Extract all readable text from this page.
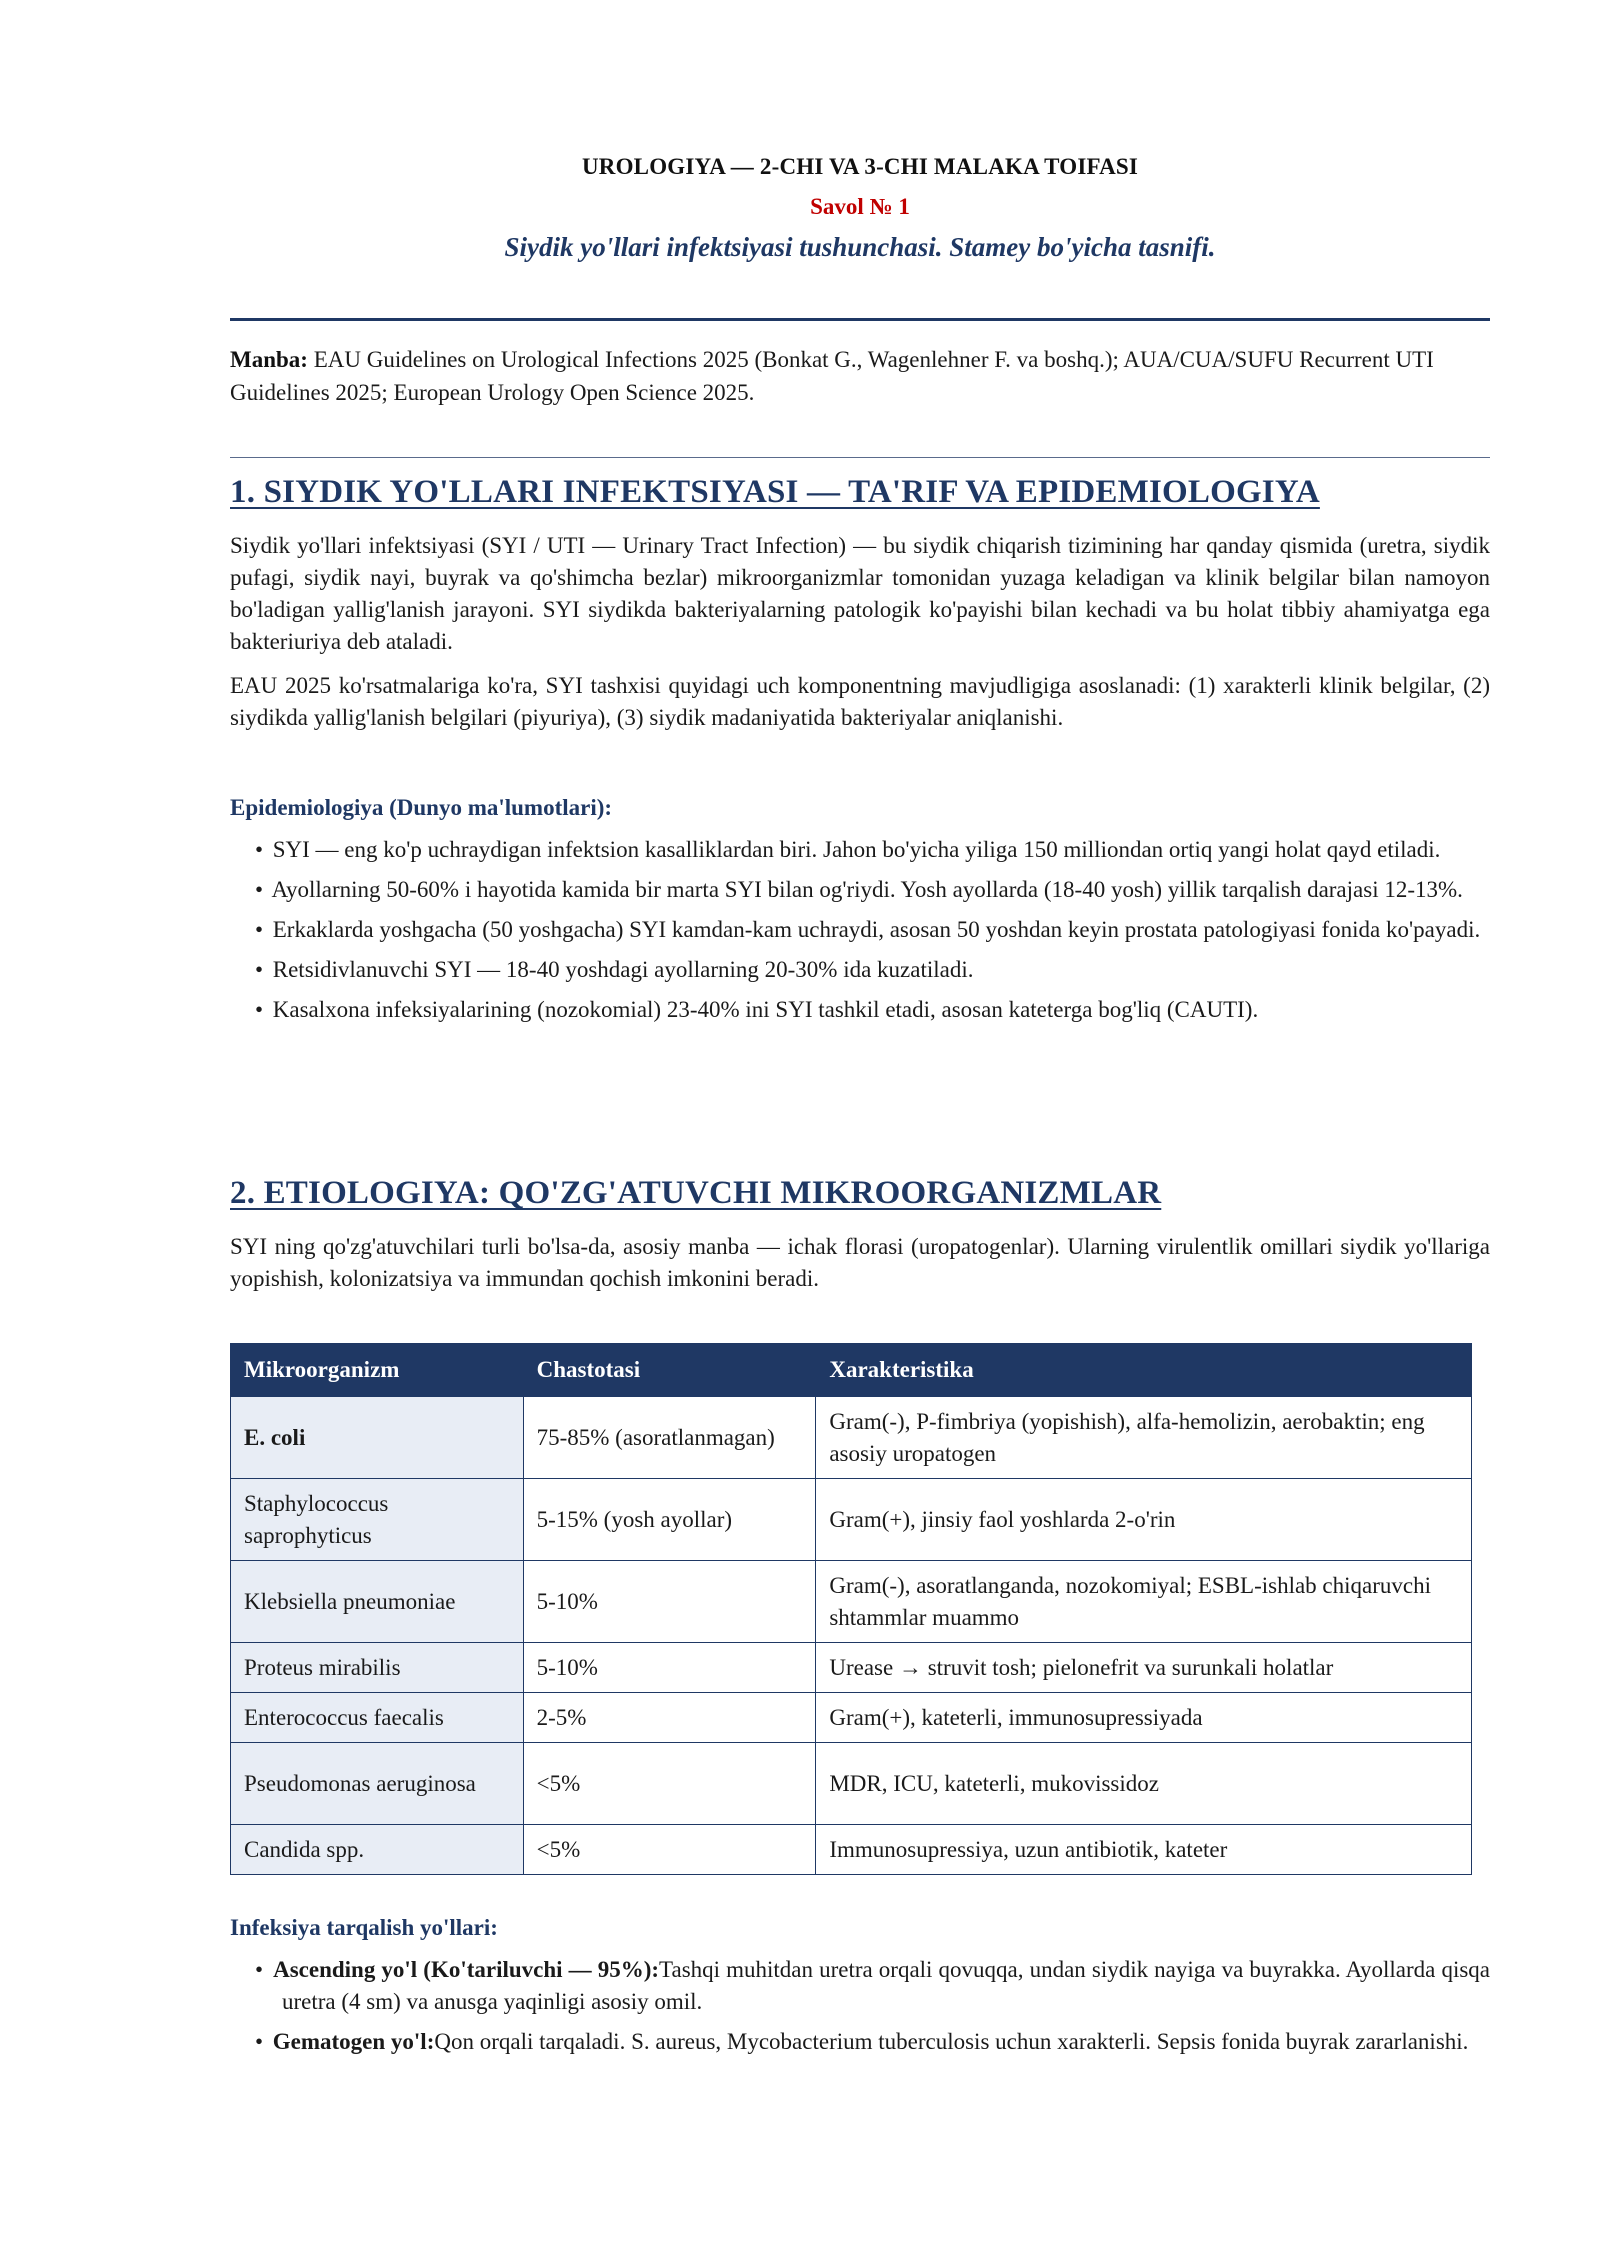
UROLOGIYA — 2-CHI VA 3-CHI MALAKA TOIFASI
Savol № 1
Siydik yo'llari infektsiyasi tushunchasi. Stamey bo'yicha tasnifi.
Manba: EAU Guidelines on Urological Infections 2025 (Bonkat G., Wagenlehner F. va boshq.); AUA/CUA/SUFU Recurrent UTI Guidelines 2025; European Urology Open Science 2025.
1. SIYDIK YO'LLARI INFEKTSIYASI — TA'RIF VA EPIDEMIOLOGIYA

Siydik yo'llari infektsiyasi (SYI / UTI — Urinary Tract Infection) — bu siydik chiqarish tizimining har qanday qismida (uretra, siydik pufagi, siydik nayi, buyrak va qo'shimcha bezlar) mikroorganizmlar tomonidan yuzaga keladigan va klinik belgilar bilan namoyon bo'ladigan yallig'lanish jarayoni. SYI siydikda bakteriyalarning patologik ko'payishi bilan kechadi va bu holat tibbiy ahamiyatga ega bakteriuriya deb ataladi.

EAU 2025 ko'rsatmalariga ko'ra, SYI tashxisi quyidagi uch komponentning mavjudligiga asoslanadi: (1) xarakterli klinik belgilar, (2) siydikda yallig'lanish belgilari (piyuriya), (3) siydik madaniyatida bakteriyalar aniqlanishi.

Epidemiologiya (Dunyo ma'lumotlari):
• SYI — eng ko'p uchraydigan infektsion kasalliklardan biri. Jahon bo'yicha yiliga 150 milliondan ortiq yangi holat qayd etiladi.
• Ayollarning 50-60% i hayotida kamida bir marta SYI bilan og'riydi. Yosh ayollarda (18-40 yosh) yillik tarqalish darajasi 12-13%.
• Erkaklarda yoshgacha (50 yoshgacha) SYI kamdan-kam uchraydi, asosan 50 yoshdan keyin prostata patologiyasi fonida ko'payadi.
• Retsidivlanuvchi SYI — 18-40 yoshdagi ayollarning 20-30% ida kuzatiladi.
• Kasalxona infeksiyalarining (nozokomial) 23-40% ini SYI tashkil etadi, asosan kateterga bog'liq (CAUTI).
2. ETIOLOGIYA: QO'ZG'ATUVCHI MIKROORGANIZMLAR

SYI ning qo'zg'atuvchilari turli bo'lsa-da, asosiy manba — ichak florasi (uropatogenlar). Ularning virulentlik omillari siydik yo'llariga yopishish, kolonizatsiya va immundan qochish imkonini beradi.

Mikroorganizm	Chastotasi	Xarakteristika
E. coli	75-85% (asoratlanmagan)	Gram(-), P-fimbriya (yopishish), alfa-hemolizin, aerobaktin; eng asosiy uropatogen
Staphylococcus saprophyticus	5-15% (yosh ayollar)	Gram(+), jinsiy faol yoshlarda 2-o'rin
Klebsiella pneumoniae	5-10%	Gram(-), asoratlanganda, nozokomiyal; ESBL-ishlab chiqaruvchi shtammlar muammo
Proteus mirabilis	5-10%	Urease → struvit tosh; pielonefrit va surunkali holatlar
Enterococcus faecalis	2-5%	Gram(+), kateterli, immunosupressiyada
Pseudomonas aeruginosa	<5%	MDR, ICU, kateterli, mukovissidoz
Candida spp.	<5%	Immunosupressiya, uzun antibiotik, kateter
Infeksiya tarqalish yo'llari:
• Ascending yo'l (Ko'tariluvchi — 95%):Tashqi muhitdan uretra orqali qovuqqa, undan siydik nayiga va buyrakka. Ayollarda qisqa uretra (4 sm) va anusga yaqinligi asosiy omil.
• Gematogen yo'l:Qon orqali tarqaladi. S. aureus, Mycobacterium tuberculosis uchun xarakterli. Sepsis fonida buyrak zararlanishi.
